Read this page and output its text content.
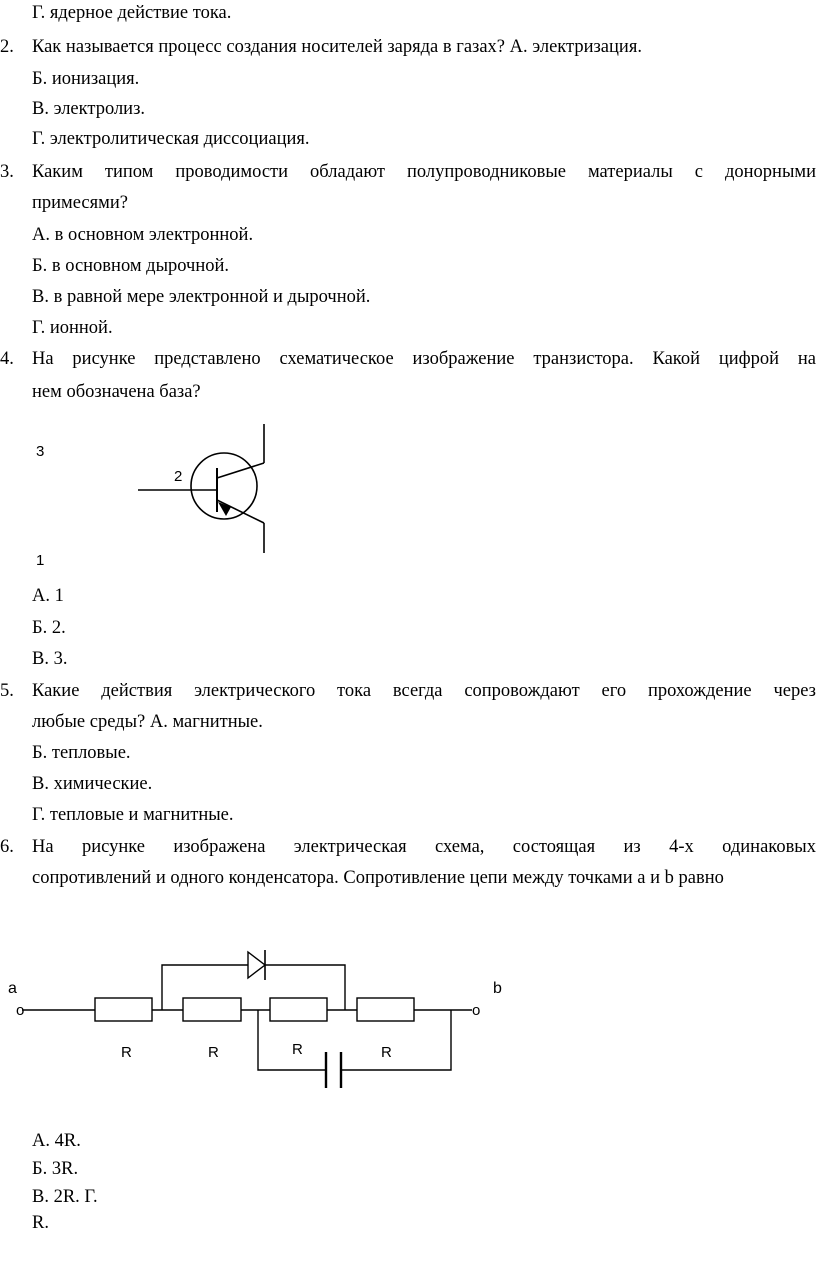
Г. ядерное действие тока.
2. Как называется процесс создания носителей заряда в газах? А. электризация.
Б. ионизация.
В. электролиз.
Г. электролитическая диссоциация.
3. Каким типом проводимости обладают полупроводниковые материалы с донорными
примесями?
А. в основном электронной.
Б. в основном дырочной.
В. в равной мере электронной и дырочной.
Г. ионной.
4. На рисунке представлено схематическое изображение транзистора. Какой цифрой на
нем обозначена база?
3
2
1
А. 1
Б. 2.
В. 3.
5. Какие действия электрического тока всегда сопровождают его прохождение через
любые среды? А. магнитные.
Б. тепловые.
В. химические.
Г. тепловые и магнитные.
6. На рисунке изображена электрическая схема, состоящая из 4-х одинаковых
сопротивлений и одного конденсатора. Сопротивление цепи между точками a и b равно
a
o
b
o
R	R	R	R
А. 4R.
Б. 3R.
В. 2R. Г.
R.
